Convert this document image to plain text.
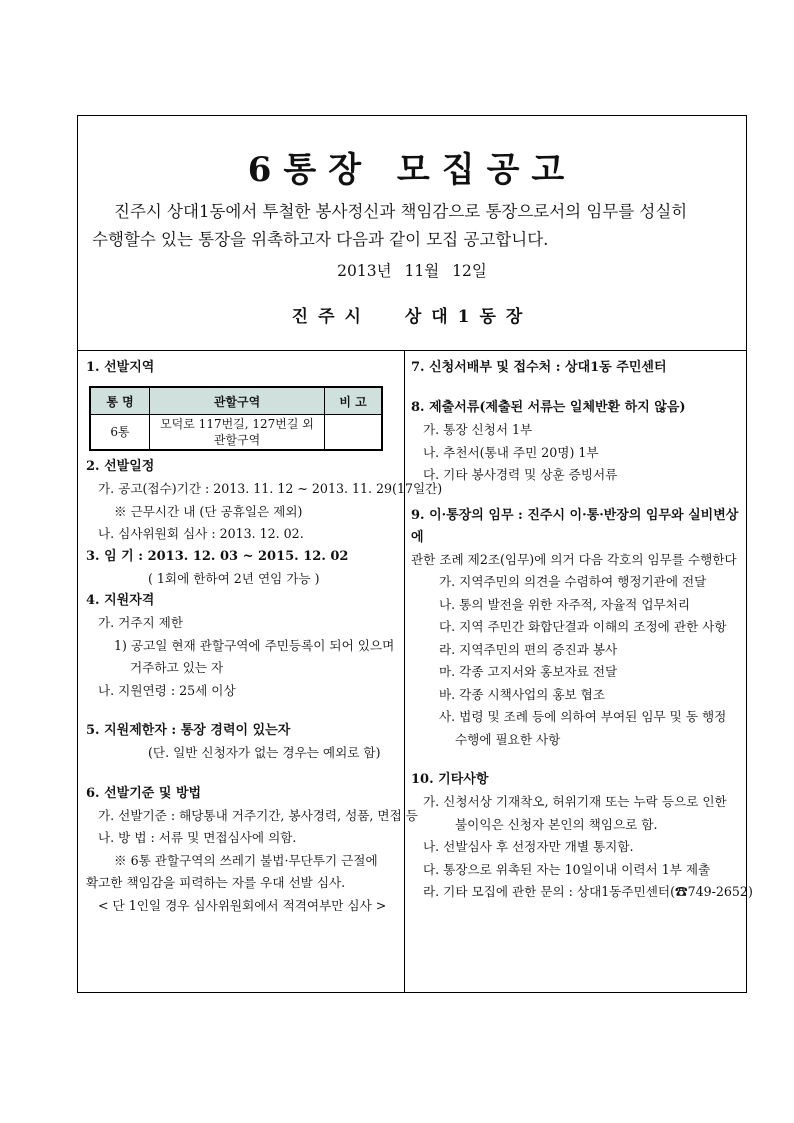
6통장 모집공고
진주시 상대1동에서 투철한 봉사정신과 책임감으로 통장으로서의 임무를 성실히
수행할수 있는 통장을 위촉하고자 다음과 같이 모집 공고합니다.
2013년 11월 12일
진주시 상대1동장

1. 선발지역

통 명	관할구역	비 고
6통	모덕로 117번길, 127번길 외 관할구역	

2. 선발일정

가. 공고(접수)기간 : 2013. 11. 12 ~ 2013. 11. 29(17일간)

※ 근무시간 내 (단 공휴일은 제외)

나. 심사위원회 심사 : 2013. 12. 02.

3. 임 기 : 2013. 12. 03 ~ 2015. 12. 02

( 1회에 한하여 2년 연임 가능 )

4. 지원자격

가. 거주지 제한

1) 공고일 현재 관할구역에 주민등록이 되어 있으며

거주하고 있는 자

나. 지원연령 : 25세 이상

5. 지원제한자 : 통장 경력이 있는자

(단. 일반 신청자가 없는 경우는 예외로 함)

6. 선발기준 및 방법

가. 선발기준 : 해당통내 거주기간, 봉사경력, 성품, 면접 등

나. 방 법 : 서류 및 면접심사에 의함.

※ 6통 관할구역의 쓰레기 불법·무단투기 근절에

확고한 책임감을 피력하는 자를 우대 선발 심사.

< 단 1인일 경우 심사위원회에서 적격여부만 심사 >

7. 신청서배부 및 접수처 : 상대1동 주민센터

8. 제출서류(제출된 서류는 일체반환 하지 않음)

가. 통장 신청서 1부

나. 추천서(통내 주민 20명) 1부

다. 기타 봉사경력 및 상훈 증빙서류

9. 이·통장의 임무 : 진주시 이·통·반장의 임무와 실비변상에

관한 조례 제2조(임무)에 의거 다음 각호의 임무를 수행한다

가. 지역주민의 의견을 수렴하여 행정기관에 전달

나. 통의 발전을 위한 자주적, 자율적 업무처리

다. 지역 주민간 화합단결과 이해의 조정에 관한 사항

라. 지역주민의 편의 증진과 봉사

마. 각종 고지서와 홍보자료 전달

바. 각종 시책사업의 홍보 협조

사. 법령 및 조례 등에 의하여 부여된 임무 및 동 행정

수행에 필요한 사항

10. 기타사항

가. 신청서상 기재착오, 허위기재 또는 누락 등으로 인한

불이익은 신청자 본인의 책임으로 함.

나. 선발심사 후 선정자만 개별 통지함.

다. 통장으로 위촉된 자는 10일이내 이력서 1부 제출

라. 기타 모집에 관한 문의 : 상대1동주민센터(☎749-2652)
